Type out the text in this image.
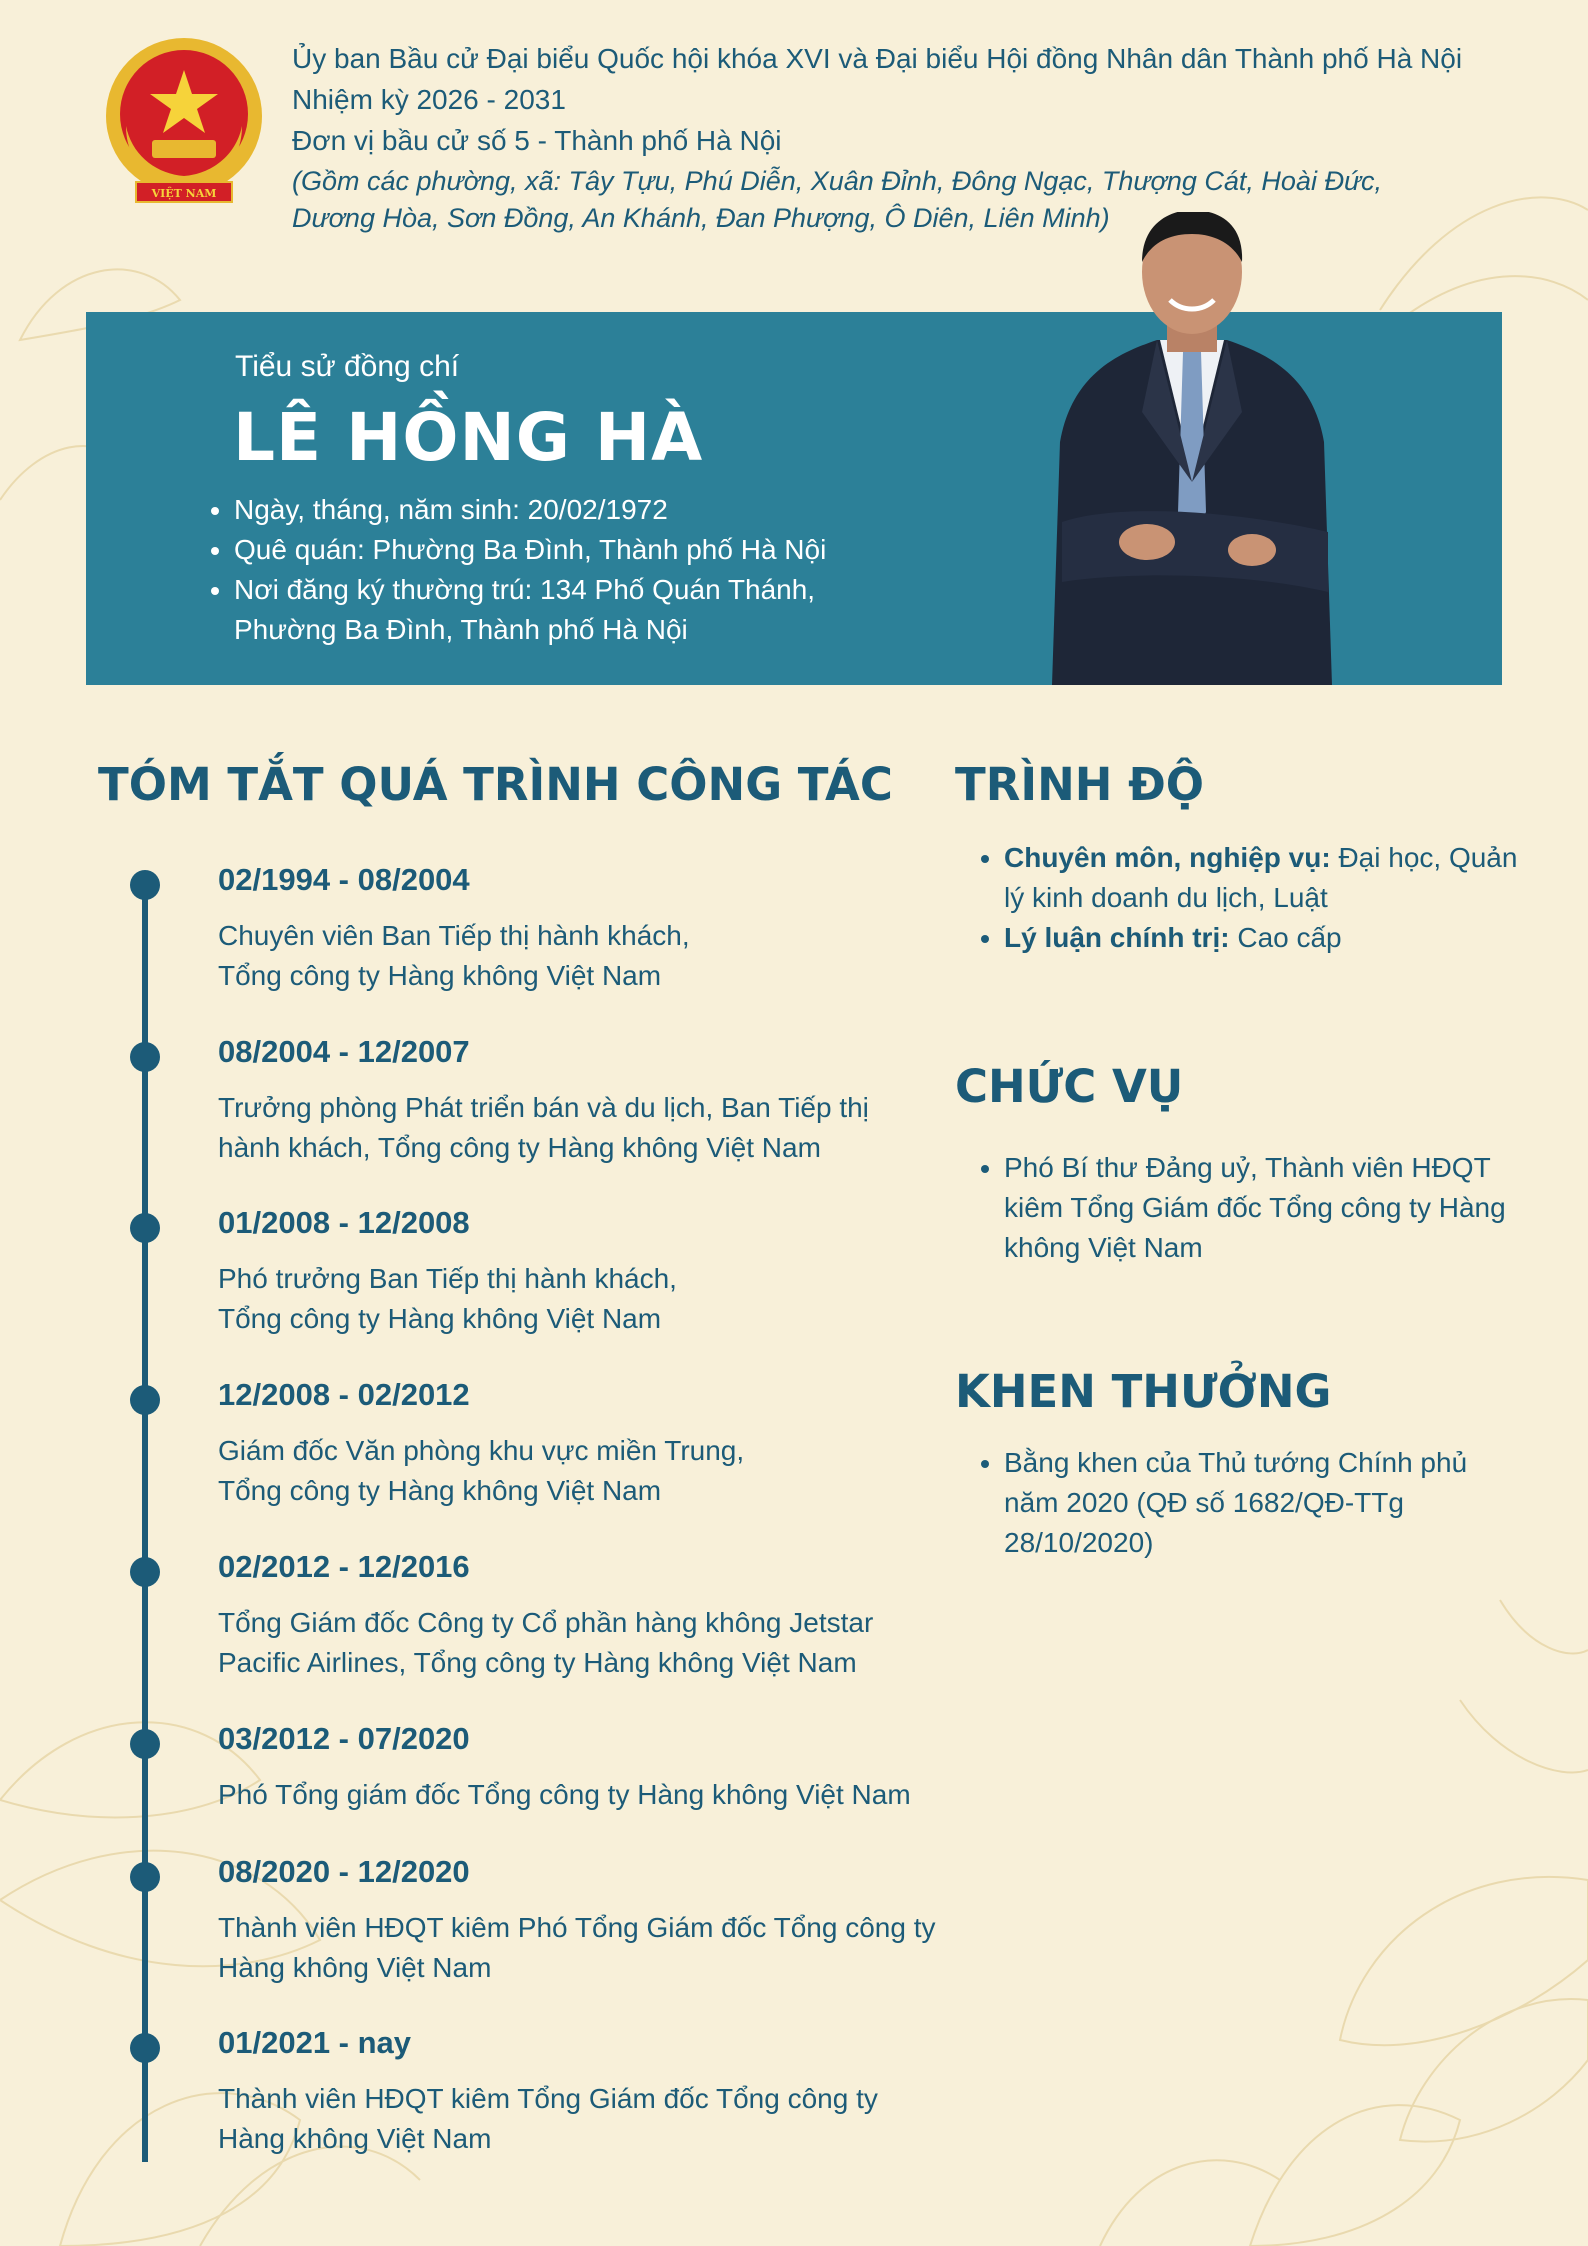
VIỆT NAM
Ủy ban Bầu cử Đại biểu Quốc hội khóa XVI và Đại biểu Hội đồng Nhân dân Thành phố Hà Nội
Nhiệm kỳ 2026 - 2031
Đơn vị bầu cử số 5 - Thành phố Hà Nội
(Gồm các phường, xã: Tây Tựu, Phú Diễn, Xuân Đỉnh, Đông Ngạc, Thượng Cát, Hoài Đức,
Dương Hòa, Sơn Đồng, An Khánh, Đan Phượng, Ô Diên, Liên Minh)
Tiểu sử đồng chí
LÊ HỒNG HÀ
• Ngày, tháng, năm sinh: 20/02/1972
• Quê quán: Phường Ba Đình, Thành phố Hà Nội
• Nơi đăng ký thường trú: 134 Phố Quán Thánh, Phường Ba Đình, Thành phố Hà Nội
TÓM TẮT QUÁ TRÌNH CÔNG TÁC
02/1994 - 08/2004
Chuyên viên Ban Tiếp thị hành khách,
Tổng công ty Hàng không Việt Nam
08/2004 - 12/2007
Trưởng phòng Phát triển bán và du lịch, Ban Tiếp thị
hành khách, Tổng công ty Hàng không Việt Nam
01/2008 - 12/2008
Phó trưởng Ban Tiếp thị hành khách,
Tổng công ty Hàng không Việt Nam
12/2008 - 02/2012
Giám đốc Văn phòng khu vực miền Trung,
Tổng công ty Hàng không Việt Nam
02/2012 - 12/2016
Tổng Giám đốc Công ty Cổ phần hàng không Jetstar
Pacific Airlines, Tổng công ty Hàng không Việt Nam
03/2012 - 07/2020
Phó Tổng giám đốc Tổng công ty Hàng không Việt Nam
08/2020 - 12/2020
Thành viên HĐQT kiêm Phó Tổng Giám đốc Tổng công ty
Hàng không Việt Nam
01/2021 - nay
Thành viên HĐQT kiêm Tổng Giám đốc Tổng công ty
Hàng không Việt Nam
TRÌNH ĐỘ
• Chuyên môn, nghiệp vụ: Đại học, Quản lý kinh doanh du lịch, Luật
• Lý luận chính trị: Cao cấp
CHỨC VỤ
• Phó Bí thư Đảng uỷ, Thành viên HĐQT kiêm Tổng Giám đốc Tổng công ty Hàng không Việt Nam
KHEN THƯỞNG
• Bằng khen của Thủ tướng Chính phủ năm 2020 (QĐ số 1682/QĐ-TTg 28/10/2020)
